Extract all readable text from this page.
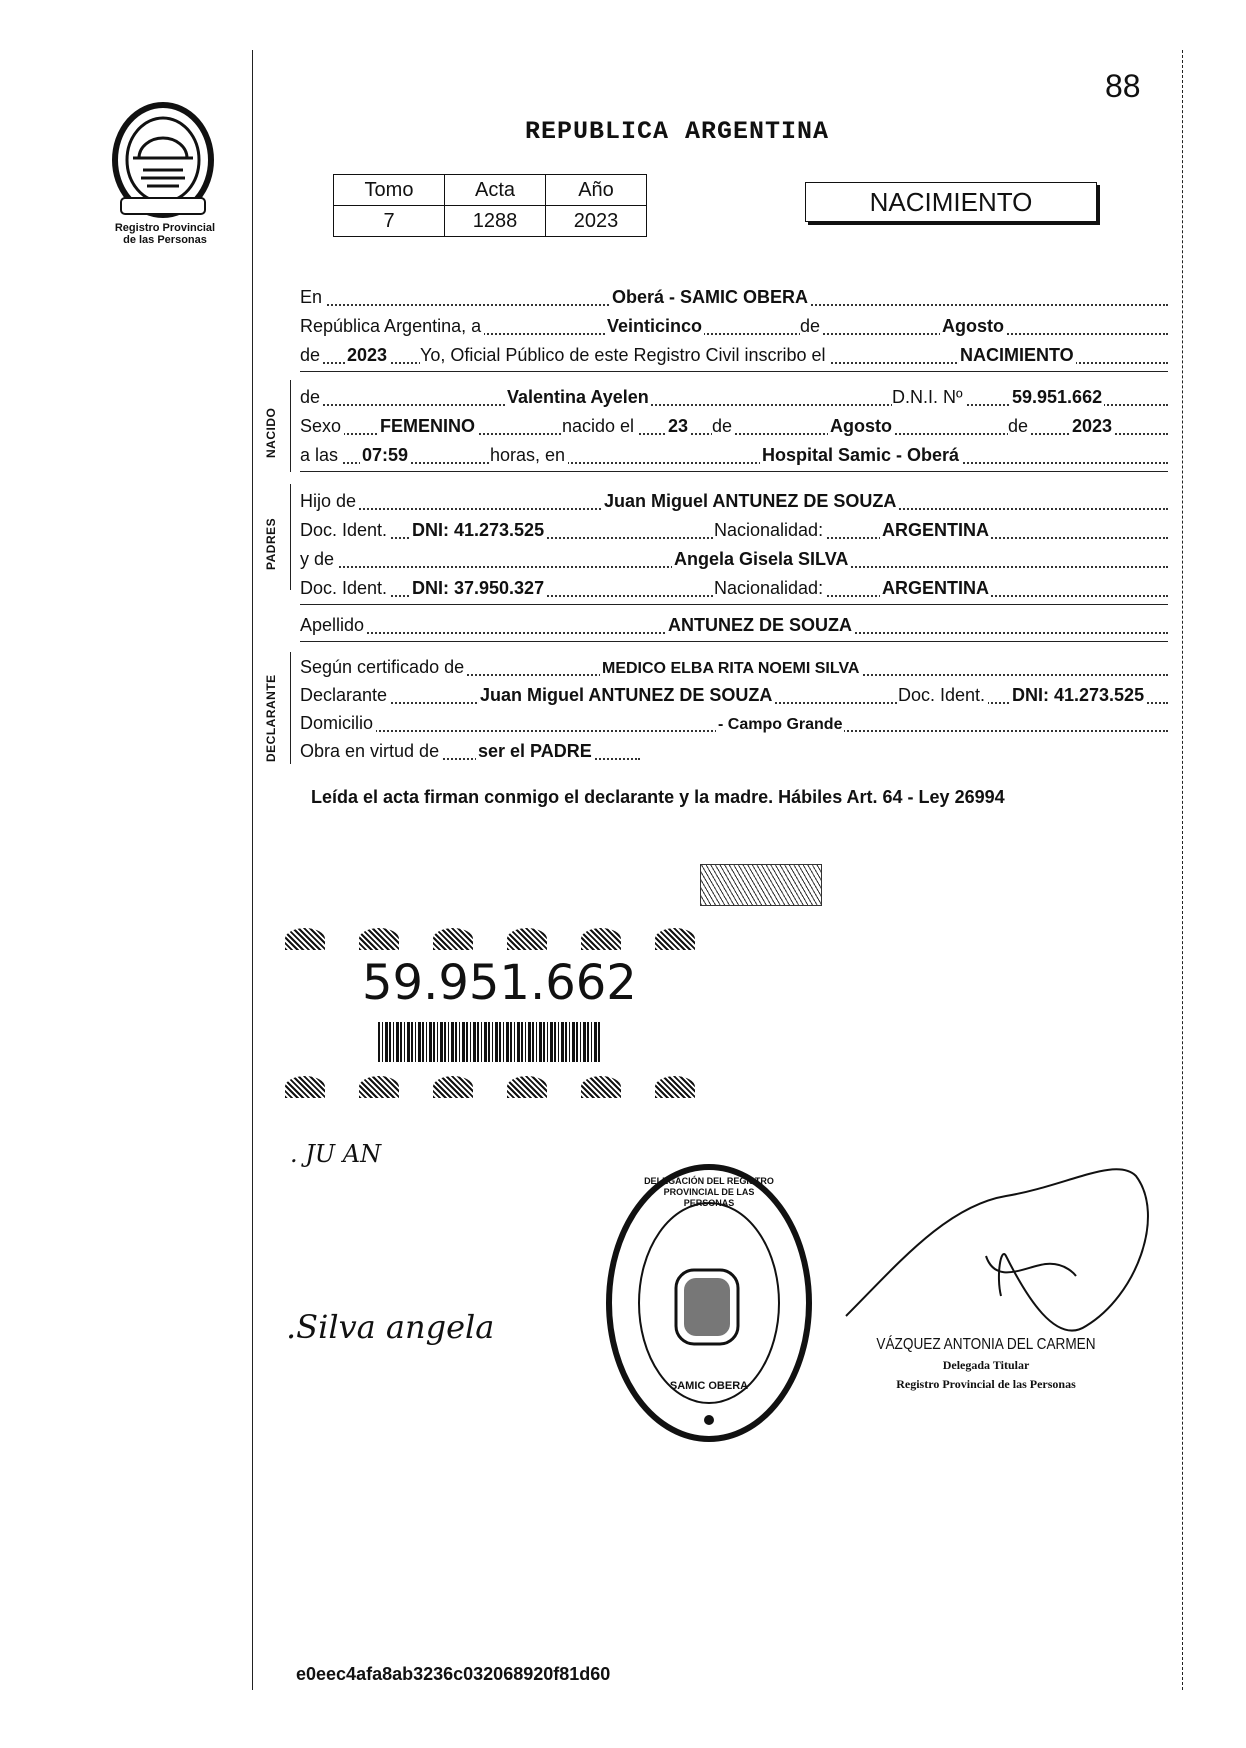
Registro Provincial
de las Personas
88
REPUBLICA ARGENTINA
Tomo	Acta	Año
7	1288	2023
NACIMIENTO
En	Oberá - SAMIC OBERA
República Argentina, a	Veinticinco	de	Agosto
de 2023 Yo, Oficial Público de este Registro Civil inscribo el	NACIMIENTO
NACIDO
de	Valentina Ayelen	D.N.I. Nº	59.951.662
Sexo FEMENINO	nacido el 23 de	Agosto	de 2023
a las 07:59	horas, en	Hospital Samic - Oberá
PADRES
Hijo de	Juan Miguel ANTUNEZ DE SOUZA
Doc. Ident. DNI: 41.273.525	Nacionalidad:	ARGENTINA
y de	Angela Gisela SILVA
Doc. Ident. DNI: 37.950.327	Nacionalidad:	ARGENTINA
Apellido	ANTUNEZ DE SOUZA
DECLARANTE
Según certificado de	MEDICO ELBA RITA NOEMI SILVA
Declarante	Juan Miguel ANTUNEZ DE SOUZA	Doc. Ident. DNI: 41.273.525
Domicilio	- Campo Grande
Obra en virtud de ser el PADRE
Leída el acta firman conmigo el declarante y la madre. Hábiles Art. 64 - Ley 26994
59.951.662
. JU AN
.Silva angela
DELEGACIÓN DEL REGISTRO PROVINCIAL DE LAS PERSONAS
SAMIC OBERA
VÁZQUEZ ANTONIA DEL CARMEN
Delegada Titular
Registro Provincial de las Personas
e0eec4afa8ab3236c032068920f81d60
